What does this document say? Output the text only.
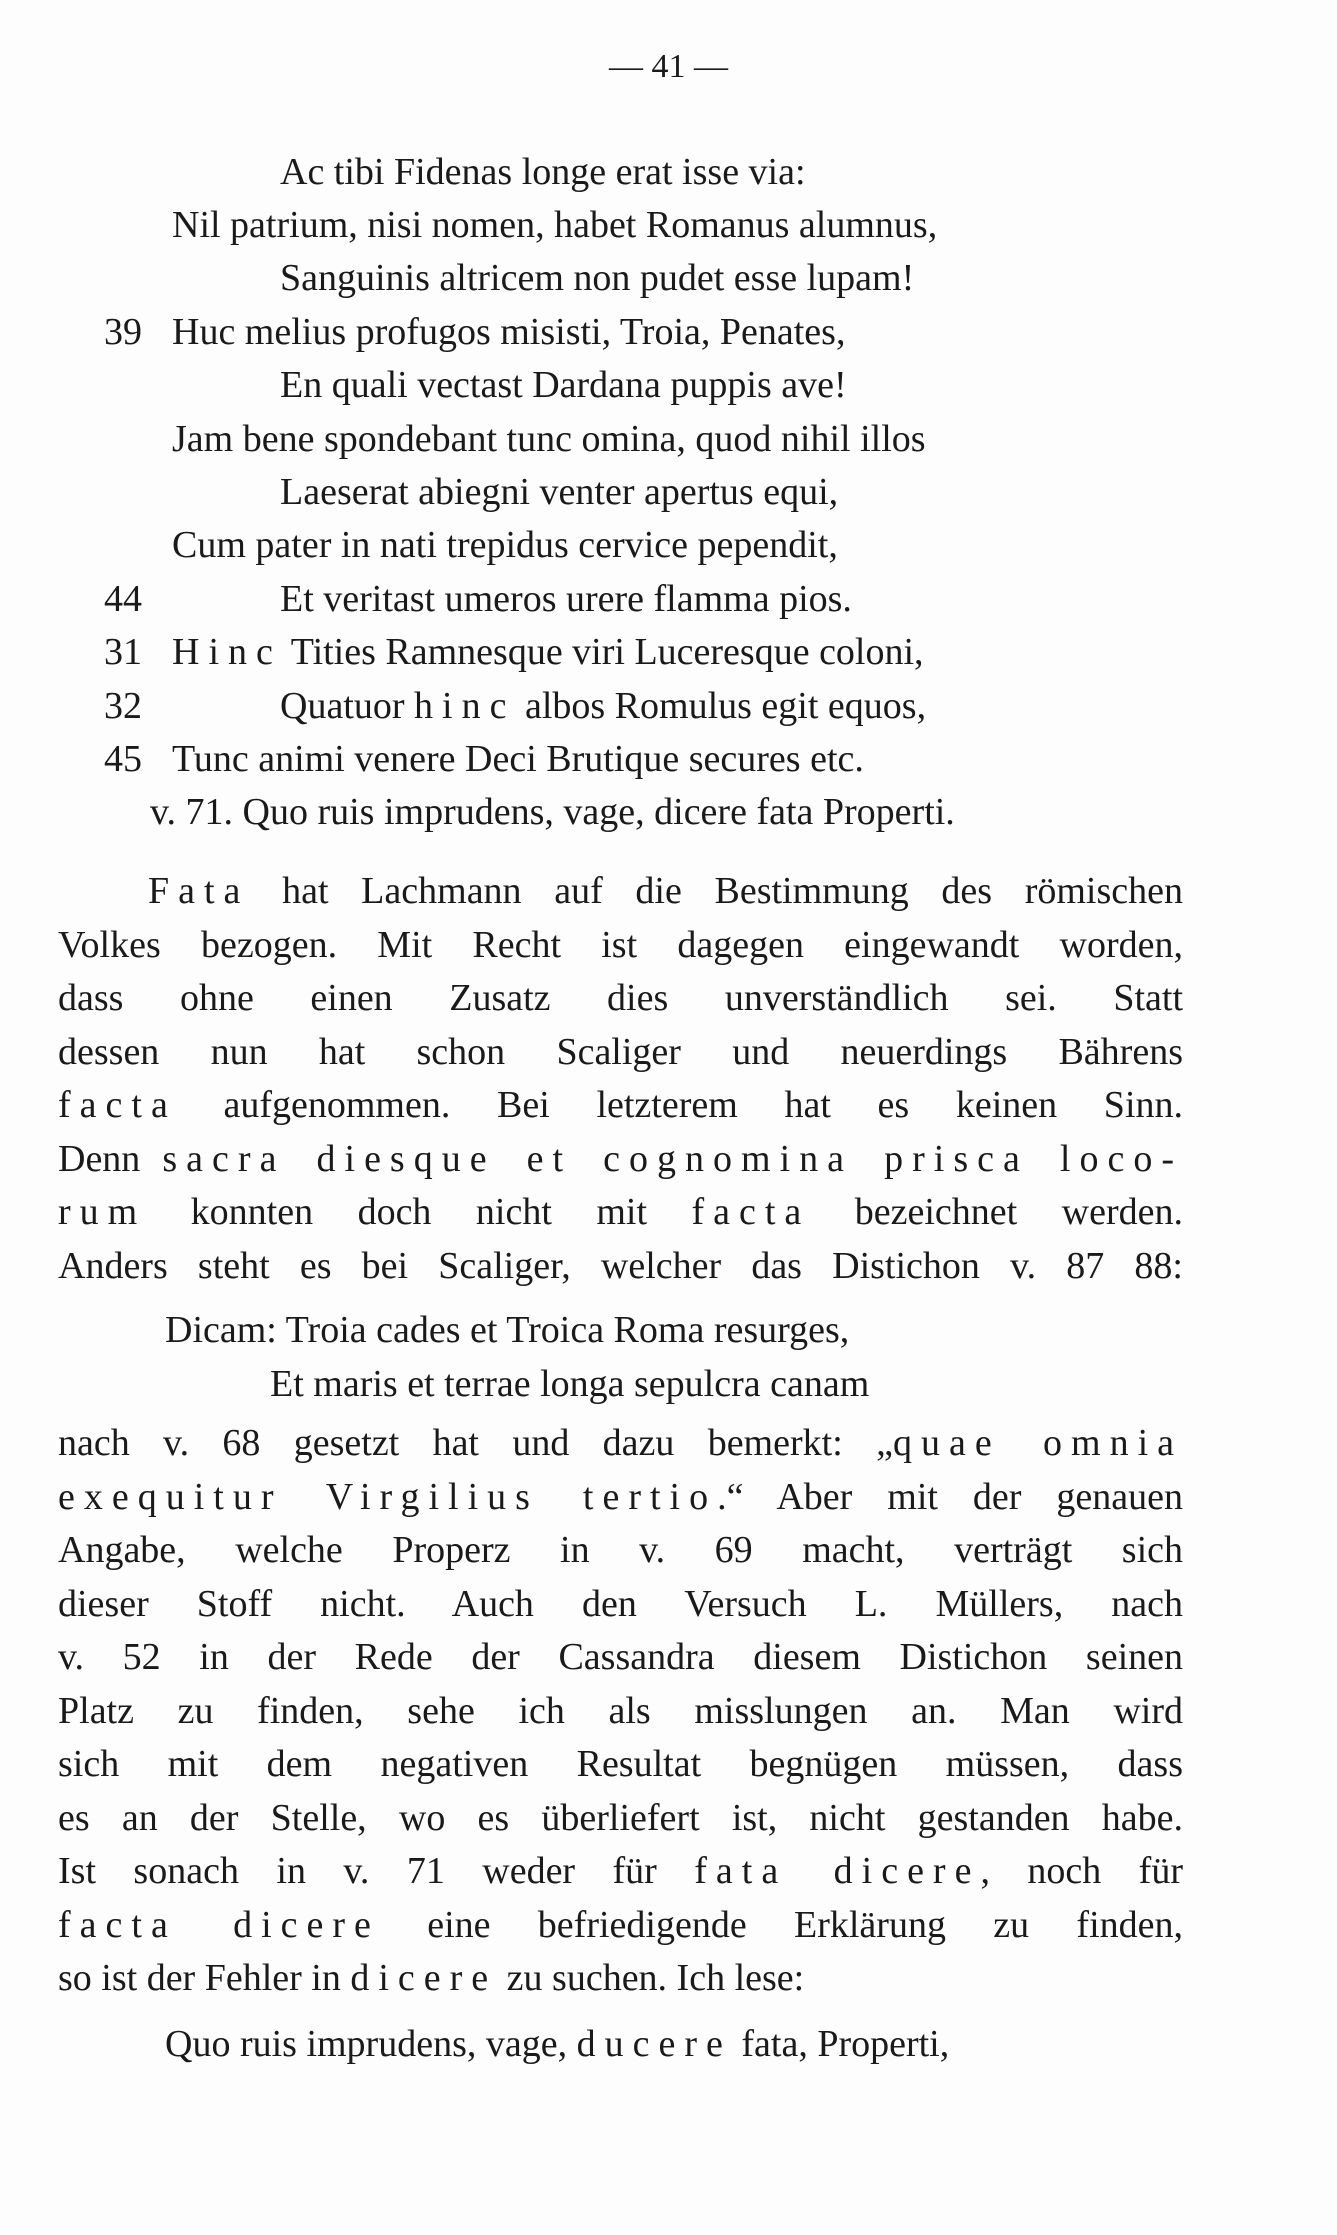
— 41 —
Ac tibi Fidenas longe erat isse via:
Nil patrium, nisi nomen, habet Romanus alumnus,
Sanguinis altricem non pudet esse lupam!
39 Huc melius profugos misisti, Troia, Penates,
En quali vectast Dardana puppis ave!
Jam bene spondebant tunc omina, quod nihil illos
Laeserat abiegni venter apertus equi,
Cum pater in nati trepidus cervice pependit,
44	Et veritast umeros urere flamma pios.
31 Hinc Tities Ramnesque viri Luceresque coloni,
32	Quatuor hinc albos Romulus egit equos,
45 Tunc animi venere Deci Brutique secures etc.
v. 71. Quo ruis imprudens, vage, dicere fata Properti.
Fata hat Lachmann auf die Bestimmung des römischen
Volkes bezogen. Mit Recht ist dagegen eingewandt worden,
dass ohne einen Zusatz dies unverständlich sei. Statt
dessen nun hat schon Scaliger und neuerdings Bährens
facta aufgenommen. Bei letzterem hat es keinen Sinn.
Denn sacra diesque et cognomina prisca loco-
rum konnten doch nicht mit facta bezeichnet werden.
Anders steht es bei Scaliger, welcher das Distichon v. 87 88:
Dicam: Troia cades et Troica Roma resurges,
Et maris et terrae longa sepulcra canam
nach v. 68 gesetzt hat und dazu bemerkt: „quae omnia
exequitur Virgilius tertio.“ Aber mit der genauen
Angabe, welche Properz in v. 69 macht, verträgt sich
dieser Stoff nicht. Auch den Versuch L. Müllers, nach
v. 52 in der Rede der Cassandra diesem Distichon seinen
Platz zu finden, sehe ich als misslungen an. Man wird
sich mit dem negativen Resultat begnügen müssen, dass
es an der Stelle, wo es überliefert ist, nicht gestanden habe.
Ist sonach in v. 71 weder für fata dicere, noch für
facta dicere eine befriedigende Erklärung zu finden,
so ist der Fehler in dicere zu suchen. Ich lese:
Quo ruis imprudens, vage, ducere fata, Properti,
